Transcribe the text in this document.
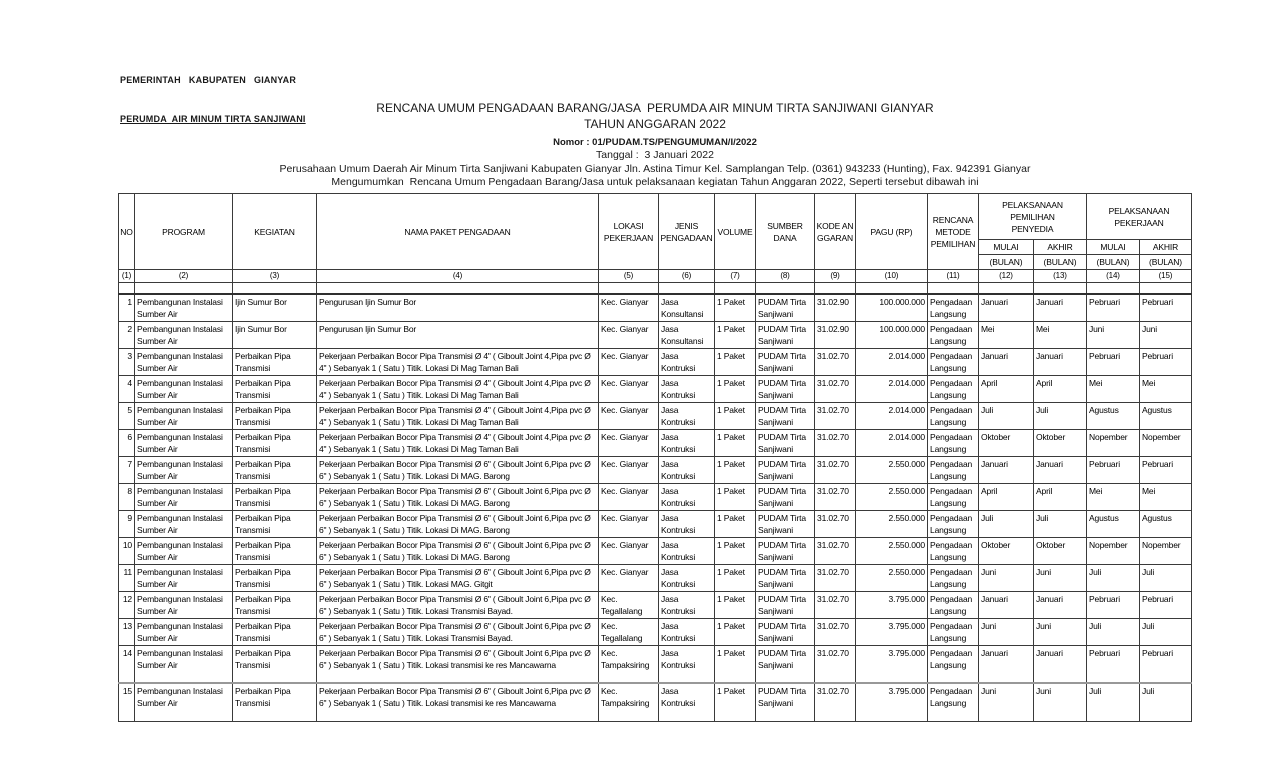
PEMERINTAH   KABUPATEN   GIANYAR

PERUMDA  AIR MINUM TIRTA SANJIWANI

RENCANA UMUM PENGADAAN BARANG/JASA  PERUMDA AIR MINUM TIRTA SANJIWANI GIANYAR
TAHUN ANGGARAN 2022
Nomor : 01/PUDAM.TS/PENGUMUMAN/I/2022
Tanggal :  3 Januari 2022
Perusahaan Umum Daerah Air Minum Tirta Sanjiwani Kabupaten Gianyar Jln. Astina Timur Kel. Samplangan Telp. (0361) 943233 (Hunting), Fax. 942391 Gianyar
Mengumumkan  Rencana Umum Pengadaan Barang/Jasa untuk pelaksanaan kegiatan Tahun Anggaran 2022, Seperti tersebut dibawah ini
NO	PROGRAM	KEGIATAN	NAMA PAKET PENGADAAN	LOKASI PEKERJAAN	JENIS PENGADAAN	VOLUME	SUMBER DANA	KODE ANGGARAN	PAGU (RP)	RENCANA METODE PEMILIHAN	PELAKSANAAN PEMILIHAN PENYEDIA		PELAKSANAAN PEKERJAAN	

											MULAI	AKHIR	MULAI	AKHIR
											(BULAN)	(BULAN)	(BULAN)	(BULAN)
(1)	(2)	(3)	(4)	(5)	(6)	(7)	(8)	(9)	(10)	(11)	(12)	(13)	(14)	(15)

1	Pembangunan Instalasi Sumber Air	Ijin Sumur Bor	Pengurusan Ijin Sumur Bor	Kec. Gianyar	Jasa Konsultansi	1 Paket	PUDAM Tirta Sanjiwani	31.02.90	100.000.000	Pengadaan Langsung	Januari	Januari	Pebruari	Pebruari
2	Pembangunan Instalasi Sumber Air	Ijin Sumur Bor	Pengurusan Ijin Sumur Bor	Kec. Gianyar	Jasa Konsultansi	1 Paket	PUDAM Tirta Sanjiwani	31.02.90	100.000.000	Pengadaan Langsung	Mei	Mei	Juni	Juni
3	Pembangunan Instalasi Sumber Air	Perbaikan Pipa Transmisi	Pekerjaan Perbaikan Bocor Pipa Transmisi Ø 4" ( Giboult Joint 4,Pipa pvc Ø 4" ) Sebanyak 1 ( Satu ) Titik. Lokasi Di Mag Taman Bali	Kec. Gianyar	Jasa Kontruksi	1 Paket	PUDAM Tirta Sanjiwani	31.02.70	2.014.000	Pengadaan Langsung	Januari	Januari	Pebruari	Pebruari
4	Pembangunan Instalasi Sumber Air	Perbaikan Pipa Transmisi	Pekerjaan Perbaikan Bocor Pipa Transmisi Ø 4" ( Giboult Joint 4,Pipa pvc Ø 4" ) Sebanyak 1 ( Satu ) Titik. Lokasi Di Mag Taman Bali	Kec. Gianyar	Jasa Kontruksi	1 Paket	PUDAM Tirta Sanjiwani	31.02.70	2.014.000	Pengadaan Langsung	April	April	Mei	Mei
5	Pembangunan Instalasi Sumber Air	Perbaikan Pipa Transmisi	Pekerjaan Perbaikan Bocor Pipa Transmisi Ø 4" ( Giboult Joint 4,Pipa pvc Ø 4" ) Sebanyak 1 ( Satu ) Titik. Lokasi Di Mag Taman Bali	Kec. Gianyar	Jasa Kontruksi	1 Paket	PUDAM Tirta Sanjiwani	31.02.70	2.014.000	Pengadaan Langsung	Juli	Juli	Agustus	Agustus
6	Pembangunan Instalasi Sumber Air	Perbaikan Pipa Transmisi	Pekerjaan Perbaikan Bocor Pipa Transmisi Ø 4" ( Giboult Joint 4,Pipa pvc Ø 4" ) Sebanyak 1 ( Satu ) Titik. Lokasi Di Mag Taman Bali	Kec. Gianyar	Jasa Kontruksi	1 Paket	PUDAM Tirta Sanjiwani	31.02.70	2.014.000	Pengadaan Langsung	Oktober	Oktober	Nopember	Nopember
7	Pembangunan Instalasi Sumber Air	Perbaikan Pipa Transmisi	Pekerjaan Perbaikan Bocor Pipa Transmisi Ø 6" ( Giboult Joint 6,Pipa pvc Ø 6" ) Sebanyak 1 ( Satu ) Titik. Lokasi Di MAG. Barong	Kec. Gianyar	Jasa Kontruksi	1 Paket	PUDAM Tirta Sanjiwani	31.02.70	2.550.000	Pengadaan Langsung	Januari	Januari	Pebruari	Pebruari
8	Pembangunan Instalasi Sumber Air	Perbaikan Pipa Transmisi	Pekerjaan Perbaikan Bocor Pipa Transmisi Ø 6" ( Giboult Joint 6,Pipa pvc Ø 6" ) Sebanyak 1 ( Satu ) Titik. Lokasi Di MAG. Barong	Kec. Gianyar	Jasa Kontruksi	1 Paket	PUDAM Tirta Sanjiwani	31.02.70	2.550.000	Pengadaan Langsung	April	April	Mei	Mei
9	Pembangunan Instalasi Sumber Air	Perbaikan Pipa Transmisi	Pekerjaan Perbaikan Bocor Pipa Transmisi Ø 6" ( Giboult Joint 6,Pipa pvc Ø 6" ) Sebanyak 1 ( Satu ) Titik. Lokasi Di MAG. Barong	Kec. Gianyar	Jasa Kontruksi	1 Paket	PUDAM Tirta Sanjiwani	31.02.70	2.550.000	Pengadaan Langsung	Juli	Juli	Agustus	Agustus
10	Pembangunan Instalasi Sumber Air	Perbaikan Pipa Transmisi	Pekerjaan Perbaikan Bocor Pipa Transmisi Ø 6" ( Giboult Joint 6,Pipa pvc Ø 6" ) Sebanyak 1 ( Satu ) Titik. Lokasi Di MAG. Barong	Kec. Gianyar	Jasa Kontruksi	1 Paket	PUDAM Tirta Sanjiwani	31.02.70	2.550.000	Pengadaan Langsung	Oktober	Oktober	Nopember	Nopember
11	Pembangunan Instalasi Sumber Air	Perbaikan Pipa Transmisi	Pekerjaan Perbaikan Bocor Pipa Transmisi Ø 6" ( Giboult Joint 6,Pipa pvc Ø 6" ) Sebanyak 1 ( Satu ) Titik. Lokasi MAG. Gitgit	Kec. Gianyar	Jasa Kontruksi	1 Paket	PUDAM Tirta Sanjiwani	31.02.70	2.550.000	Pengadaan Langsung	Juni	Juni	Juli	Juli
12	Pembangunan Instalasi Sumber Air	Perbaikan Pipa Transmisi	Pekerjaan Perbaikan Bocor Pipa Transmisi Ø 6" ( Giboult Joint 6,Pipa pvc Ø 6" ) Sebanyak 1 ( Satu ) Titik. Lokasi Transmisi Bayad.	Kec. Tegallalang	Jasa Kontruksi	1 Paket	PUDAM Tirta Sanjiwani	31.02.70	3.795.000	Pengadaan Langsung	Januari	Januari	Pebruari	Pebruari
13	Pembangunan Instalasi Sumber Air	Perbaikan Pipa Transmisi	Pekerjaan Perbaikan Bocor Pipa Transmisi Ø 6" ( Giboult Joint 6,Pipa pvc Ø 6" ) Sebanyak 1 ( Satu ) Titik. Lokasi Transmisi Bayad.	Kec. Tegallalang	Jasa Kontruksi	1 Paket	PUDAM Tirta Sanjiwani	31.02.70	3.795.000	Pengadaan Langsung	Juni	Juni	Juli	Juli
14	Pembangunan Instalasi Sumber Air	Perbaikan Pipa Transmisi	Pekerjaan Perbaikan Bocor Pipa Transmisi Ø 6" ( Giboult Joint 6,Pipa pvc Ø 6" ) Sebanyak 1 ( Satu ) Titik. Lokasi transmisi ke res Mancawarna	Kec. Tampaksiring	Jasa Kontruksi	1 Paket	PUDAM Tirta Sanjiwani	31.02.70	3.795.000	Pengadaan Langsung	Januari	Januari	Pebruari	Pebruari
15	Pembangunan Instalasi Sumber Air	Perbaikan Pipa Transmisi	Pekerjaan Perbaikan Bocor Pipa Transmisi Ø 6" ( Giboult Joint 6,Pipa pvc Ø 6" ) Sebanyak 1 ( Satu ) Titik. Lokasi transmisi ke res Mancawarna	Kec. Tampaksiring	Jasa Kontruksi	1 Paket	PUDAM Tirta Sanjiwani	31.02.70	3.795.000	Pengadaan Langsung	Juni	Juni	Juli	Juli
